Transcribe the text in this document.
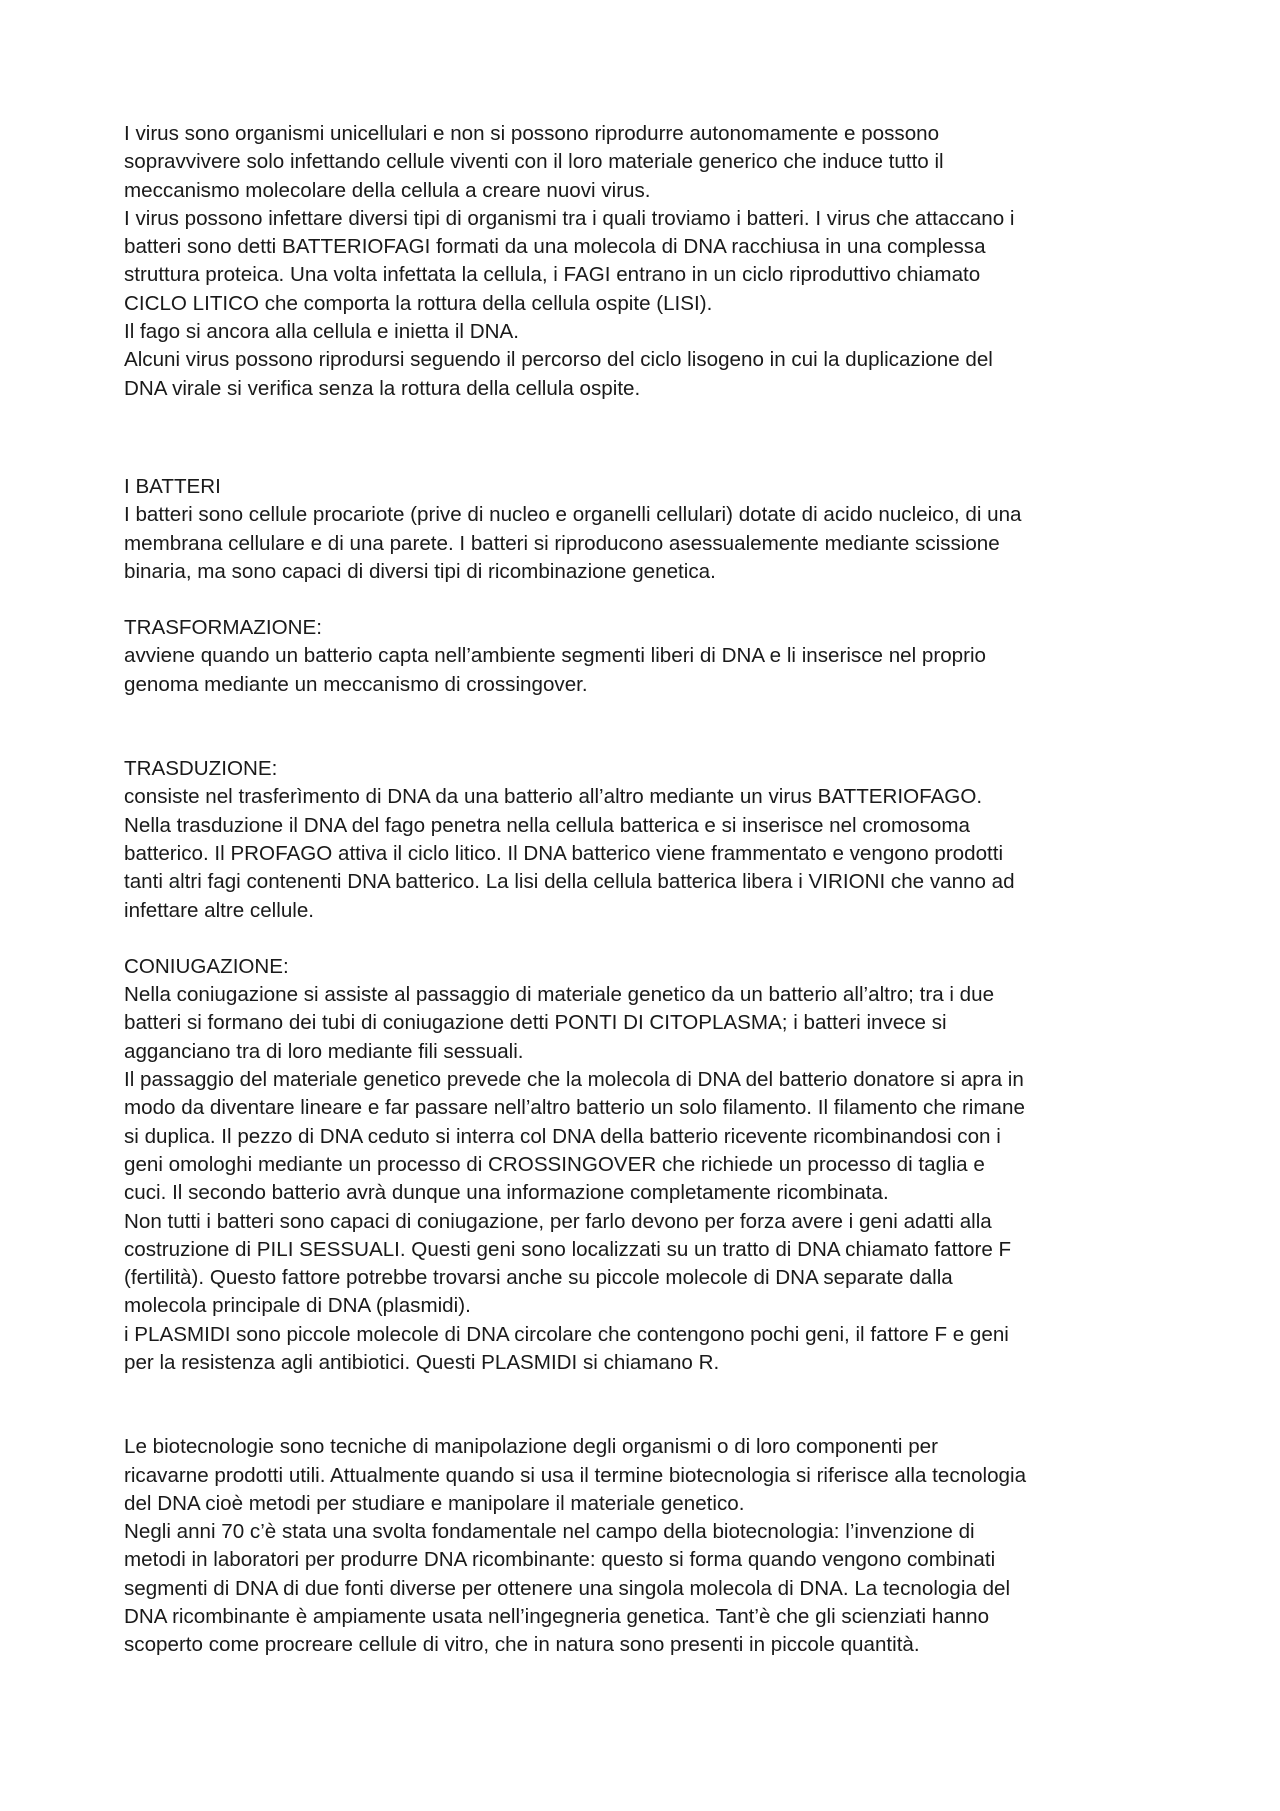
I virus sono organismi unicellulari e non si possono riprodurre autonomamente e possono
sopravvivere solo infettando cellule viventi con il loro materiale generico che induce tutto il
meccanismo molecolare della cellula a creare nuovi virus.
I virus possono infettare diversi tipi di organismi tra i quali troviamo i batteri. I virus che attaccano i
batteri sono detti BATTERIOFAGI formati da una molecola di DNA racchiusa in una complessa
struttura proteica. Una volta infettata la cellula, i FAGI entrano in un ciclo riproduttivo chiamato
CICLO LITICO che comporta la rottura della cellula ospite (LISI).
Il fago si ancora alla cellula e inietta il DNA.
Alcuni virus possono riprodursi seguendo il percorso del ciclo lisogeno in cui la duplicazione del
DNA virale si verifica senza la rottura della cellula ospite.
I BATTERI
I batteri sono cellule procariote (prive di nucleo e organelli cellulari) dotate di acido nucleico, di una
membrana cellulare e di una parete. I batteri si riproducono asessualemente mediante scissione
binaria, ma sono capaci di diversi tipi di ricombinazione genetica.
TRASFORMAZIONE:
avviene quando un batterio capta nell’ambiente segmenti liberi di DNA e li inserisce nel proprio
genoma mediante un meccanismo di crossingover.
TRASDUZIONE:
consiste nel trasferìmento di DNA da una batterio all’altro mediante un virus BATTERIOFAGO.
Nella trasduzione il DNA del fago penetra nella cellula batterica e si inserisce nel cromosoma
batterico. Il PROFAGO attiva il ciclo litico. Il DNA batterico viene frammentato e vengono prodotti
tanti altri fagi contenenti DNA batterico. La lisi della cellula batterica libera i VIRIONI che vanno ad
infettare altre cellule.
CONIUGAZIONE:
Nella coniugazione si assiste al passaggio di materiale genetico da un batterio all’altro; tra i due
batteri si formano dei tubi di coniugazione detti PONTI DI CITOPLASMA; i batteri invece si
agganciano tra di loro mediante fili sessuali.
Il passaggio del materiale genetico prevede che la molecola di DNA del batterio donatore si apra in
modo da diventare lineare e far passare nell’altro batterio un solo filamento. Il filamento che rimane
si duplica. Il pezzo di DNA ceduto si interra col DNA della batterio ricevente ricombinandosi con i
geni omologhi mediante un processo di CROSSINGOVER che richiede un processo di taglia e
cuci. Il secondo batterio avrà dunque una informazione completamente ricombinata.
Non tutti i batteri sono capaci di coniugazione, per farlo devono per forza avere i geni adatti alla
costruzione di PILI SESSUALI. Questi geni sono localizzati su un tratto di DNA chiamato fattore F
(fertilità). Questo fattore potrebbe trovarsi anche su piccole molecole di DNA separate dalla
molecola principale di DNA (plasmidi).
i PLASMIDI sono piccole molecole di DNA circolare che contengono pochi geni, il fattore F e geni
per la resistenza agli antibiotici. Questi PLASMIDI si chiamano R.
Le biotecnologie sono tecniche di manipolazione degli organismi o di loro componenti per
ricavarne prodotti utili. Attualmente quando si usa il termine biotecnologia si riferisce alla tecnologia
del DNA cioè metodi per studiare e manipolare il materiale genetico.
Negli anni 70 c’è stata una svolta fondamentale nel campo della biotecnologia: l’invenzione di
metodi in laboratori per produrre DNA ricombinante: questo si forma quando vengono combinati
segmenti di DNA di due fonti diverse per ottenere una singola molecola di DNA. La tecnologia del
DNA ricombinante è ampiamente usata nell’ingegneria genetica. Tant’è che gli scienziati hanno
scoperto come procreare cellule di vitro, che in natura sono presenti in piccole quantità.
